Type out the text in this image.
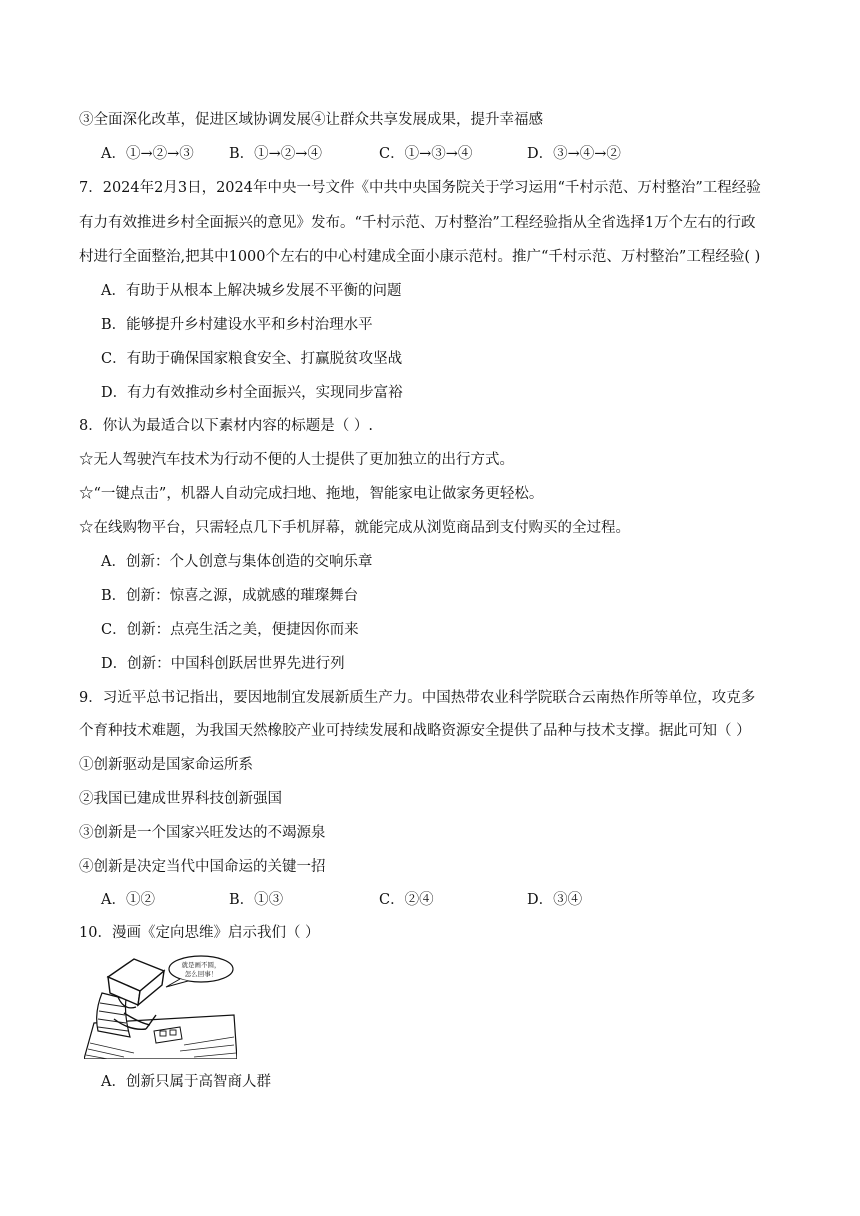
③全面深化改革，促进区域协调发展④让群众共享发展成果，提升幸福感
A．①→②→③ B．①→②→④	C．①→③→④	D．③→④→②
7．2024年2月3日，2024年中央一号文件《中共中央国务院关于学习运用“千村示范、万村整治”工程经验
有力有效推进乡村全面振兴的意见》发布。“千村示范、万村整治”工程经验指从全省选择1万个左右的行政
村进行全面整治,把其中1000个左右的中心村建成全面小康示范村。推广“千村示范、万村整治”工程经验( )
A．有助于从根本上解决城乡发展不平衡的问题
B．能够提升乡村建设水平和乡村治理水平
C．有助于确保国家粮食安全、打赢脱贫攻坚战
D．有力有效推动乡村全面振兴，实现同步富裕
8．你认为最适合以下素材内容的标题是（ ）.
☆无人驾驶汽车技术为行动不便的人士提供了更加独立的出行方式。
☆“一键点击”，机器人自动完成扫地、拖地，智能家电让做家务更轻松。
☆在线购物平台，只需轻点几下手机屏幕，就能完成从浏览商品到支付购买的全过程。
A．创新：个人创意与集体创造的交响乐章
B．创新：惊喜之源，成就感的璀璨舞台
C．创新：点亮生活之美，便捷因你而来
D．创新：中国科创跃居世界先进行列
9．习近平总书记指出，要因地制宜发展新质生产力。中国热带农业科学院联合云南热作所等单位，攻克多
个育种技术难题，为我国天然橡胶产业可持续发展和战略资源安全提供了品种与技术支撑。据此可知（ ）
①创新驱动是国家命运所系
②我国已建成世界科技创新强国
③创新是一个国家兴旺发达的不竭源泉
④创新是决定当代中国命运的关键一招
A．①②	B．①③	C．②④	D．③④
10．漫画《定向思维》启示我们（ ）
就是画不圆，
怎么回事！
A．创新只属于高智商人群
